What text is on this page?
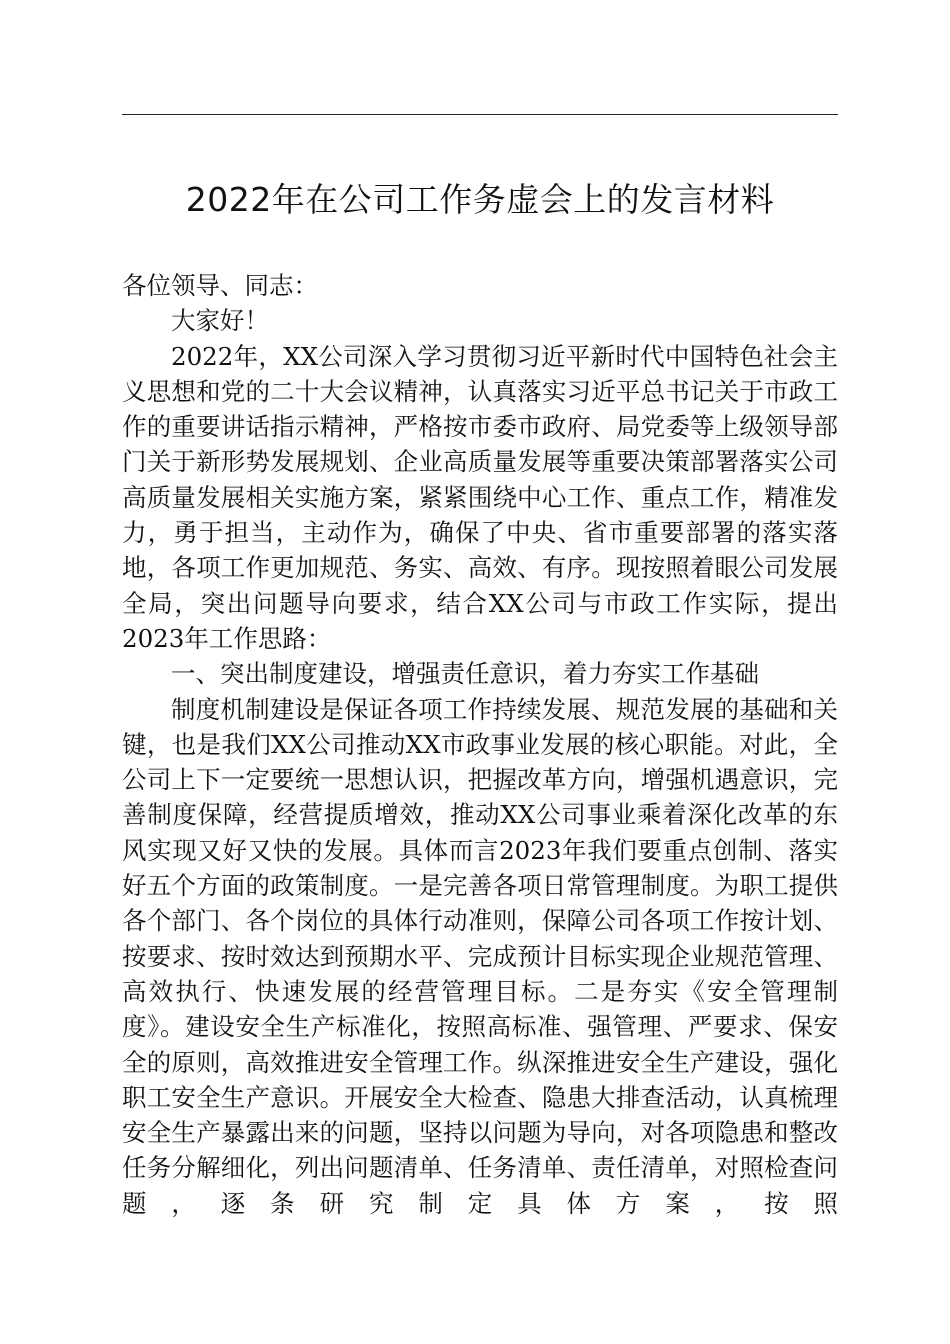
2022年在公司工作务虚会上的发言材料

各位领导、同志：

大家好！

2022年，XX公司深入学习贯彻习近平新时代中国特色社会主义思想和党的二十大会议精神，认真落实习近平总书记关于市政工作的重要讲话指示精神，严格按市委市政府、局党委等上级领导部门关于新形势发展规划、企业高质量发展等重要决策部署落实公司高质量发展相关实施方案，紧紧围绕中心工作、重点工作，精准发力，勇于担当，主动作为，确保了中央、省市重要部署的落实落地，各项工作更加规范、务实、高效、有序。现按照着眼公司发展全局，突出问题导向要求，结合XX公司与市政工作实际，提出2023年工作思路：

一、突出制度建设，增强责任意识，着力夯实工作基础

制度机制建设是保证各项工作持续发展、规范发展的基础和关键，也是我们XX公司推动XX市政事业发展的核心职能。对此，全公司上下一定要统一思想认识，把握改革方向，增强机遇意识，完善制度保障，经营提质增效，推动XX公司事业乘着深化改革的东风实现又好又快的发展。具体而言2023年我们要重点创制、落实好五个方面的政策制度。一是完善各项日常管理制度。为职工提供各个部门、各个岗位的具体行动准则，保障公司各项工作按计划、按要求、按时效达到预期水平、完成预计目标实现企业规范管理、高效执行、快速发展的经营管理目标。二是夯实《安全管理制度》。建设安全生产标准化，按照高标准、强管理、严要求、保安全的原则，高效推进安全管理工作。纵深推进安全生产建设，强化职工安全生产意识。开展安全大检查、隐患大排查活动，认真梳理安全生产暴露出来的问题，坚持以问题为导向，对各项隐患和整改任务分解细化，列出问题清单、任务清单、责任清单，对照检查问题，逐条研究制定具体方案，按照
